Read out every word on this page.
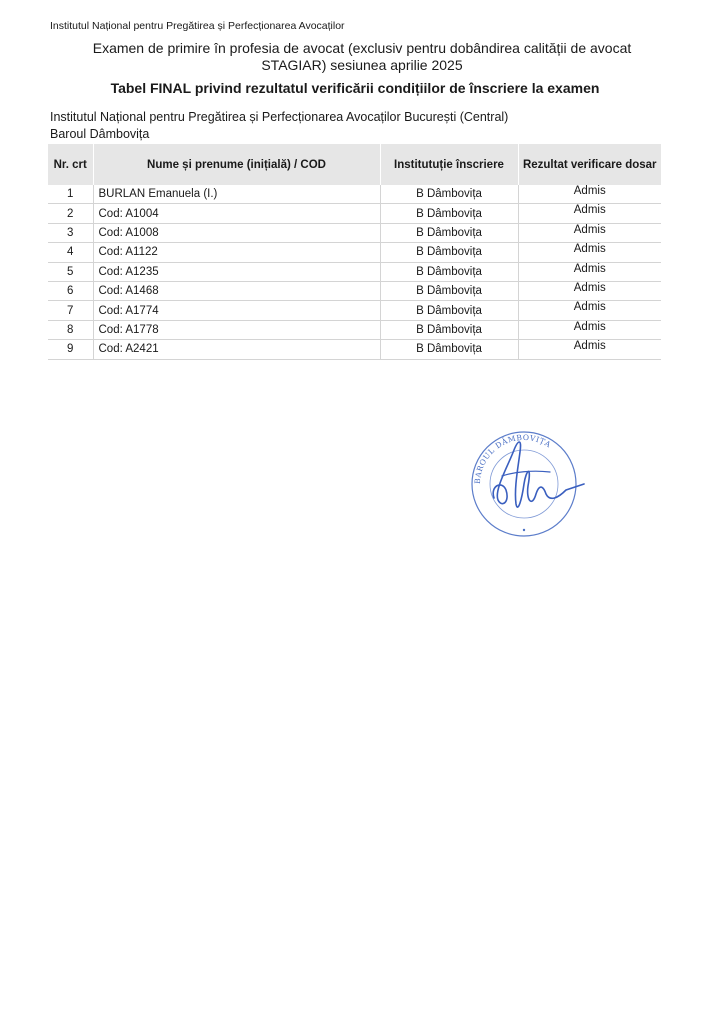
Institutul Național pentru Pregătirea și Perfecționarea Avocaților
Examen de primire în profesia de avocat (exclusiv pentru dobândirea calității de avocat STAGIAR) sesiunea aprilie 2025
Tabel FINAL privind rezultatul verificării condițiilor de înscriere la examen
Institutul Național pentru Pregătirea și Perfecționarea Avocaților București (Central)
Baroul Dâmbovița
Nr. crt	Nume și prenume (inițială) / COD	Institutuție înscriere	Rezultat verificare dosar
1	BURLAN Emanuela (I.)	B Dâmbovița	Admis
2	Cod: A1004	B Dâmbovița	Admis
3	Cod: A1008	B Dâmbovița	Admis
4	Cod: A1122	B Dâmbovița	Admis
5	Cod: A1235	B Dâmbovița	Admis
6	Cod: A1468	B Dâmbovița	Admis
7	Cod: A1774	B Dâmbovița	Admis
8	Cod: A1778	B Dâmbovița	Admis
9	Cod: A2421	B Dâmbovița	Admis
BAROUL DÂMBOVIȚA
